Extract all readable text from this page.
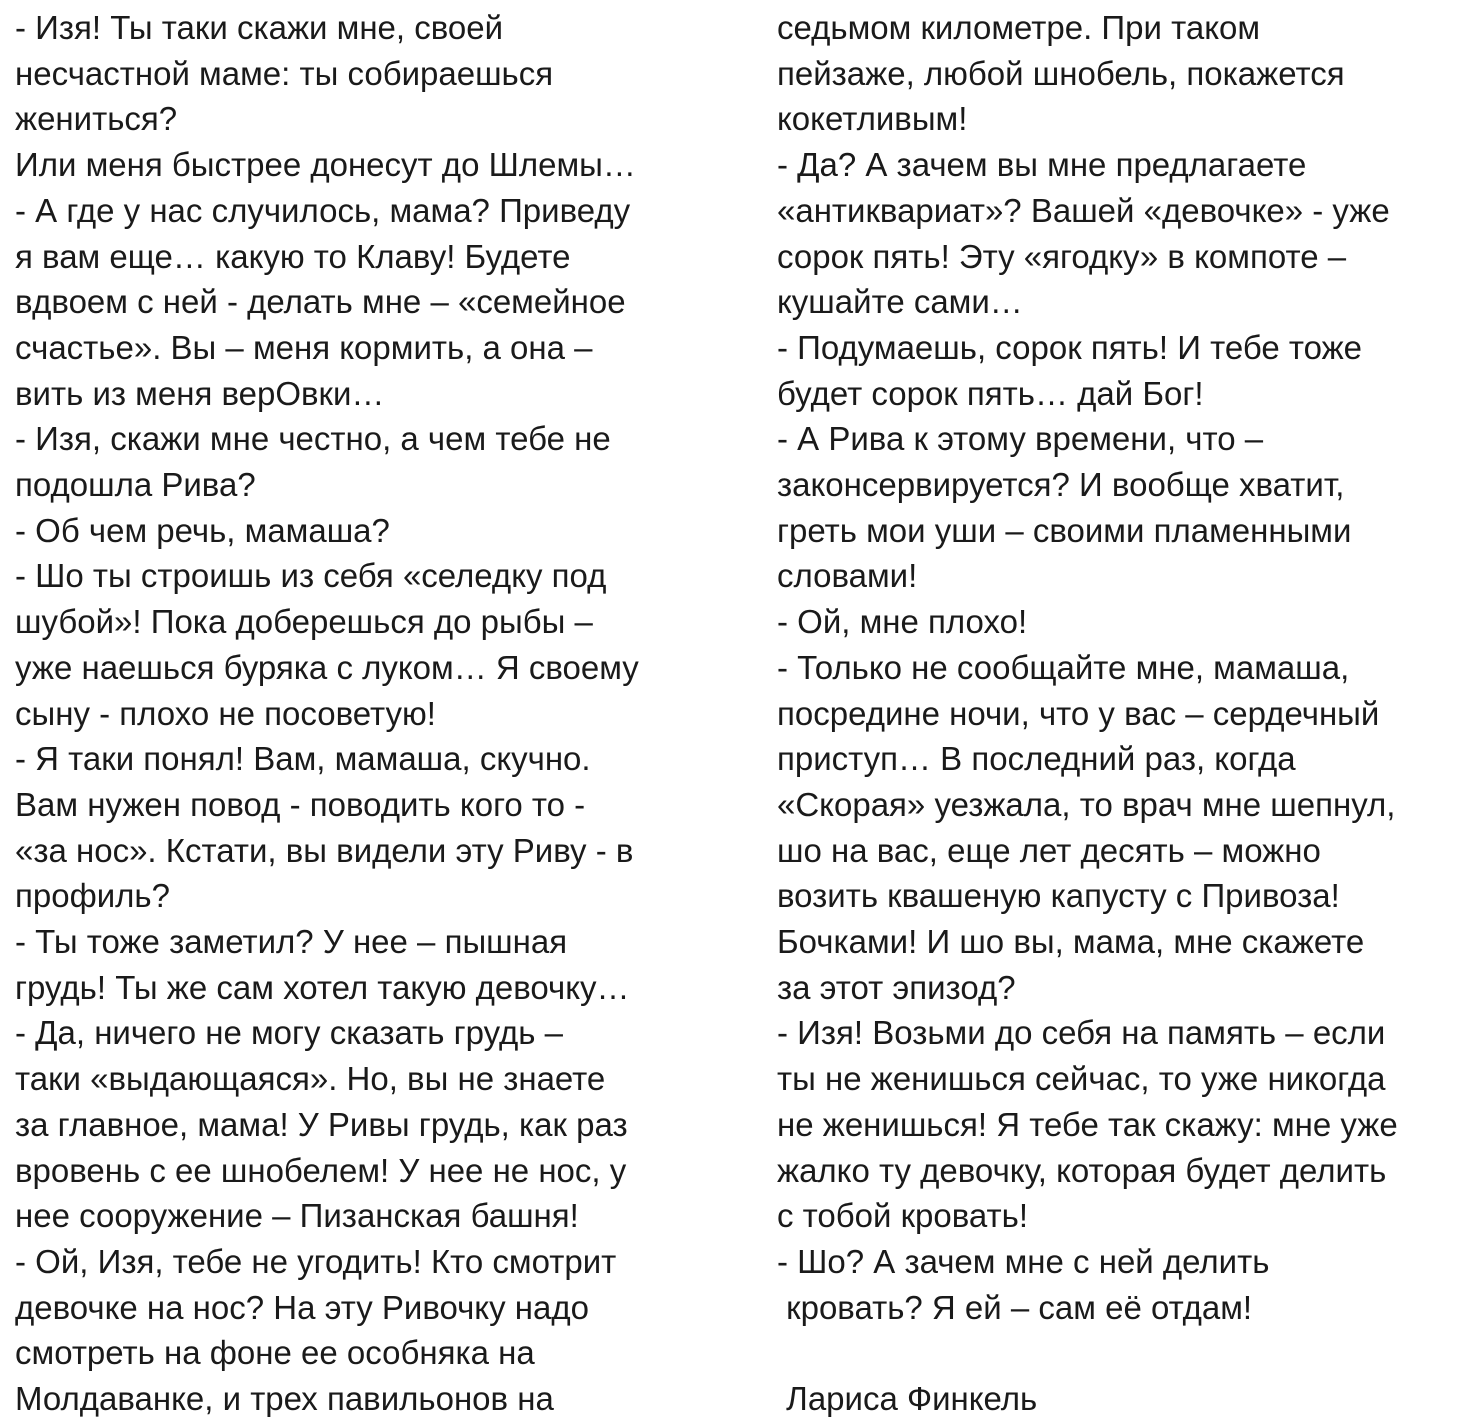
- Изя! Ты таки скажи мне, своей
несчастной маме: ты собираешься
жениться?
Или меня быстрее донесут до Шлемы…
- А где у нас случилось, мама? Приведу
я вам еще… какую то Клаву! Будете
вдвоем с ней - делать мне – «семейное
счастье». Вы – меня кормить, а она –
вить из меня верОвки…
- Изя, скажи мне честно, а чем тебе не
подошла Рива?
- Об чем речь, мамаша?
- Шо ты строишь из себя «селедку под
шубой»! Пока доберешься до рыбы –
уже наешься буряка с луком… Я своему
сыну - плохо не посоветую!
- Я таки понял! Вам, мамаша, скучно.
Вам нужен повод - поводить кого то -
«за нос». Кстати, вы видели эту Риву - в
профиль?
- Ты тоже заметил? У нее – пышная
грудь! Ты же сам хотел такую девочку…
- Да, ничего не могу сказать грудь –
таки «выдающаяся». Но, вы не знаете
за главное, мама! У Ривы грудь, как раз
вровень с ее шнобелем! У нее не нос, у
нее сооружение – Пизанская башня!
- Ой, Изя, тебе не угодить! Кто смотрит
девочке на нос? На эту Ривочку надо
смотреть на фоне ее особняка на
Молдаванке, и трех павильонов на
седьмом километре. При таком
пейзаже, любой шнобель, покажется
кокетливым!
- Да? А зачем вы мне предлагаете
«антиквариат»? Вашей «девочке» - уже
сорок пять! Эту «ягодку» в компоте –
кушайте сами…
- Подумаешь, сорок пять! И тебе тоже
будет сорок пять… дай Бог!
- А Рива к этому времени, что –
законсервируется? И вообще хватит,
греть мои уши – своими пламенными
словами!
- Ой, мне плохо!
- Только не сообщайте мне, мамаша,
посредине ночи, что у вас – сердечный
приступ… В последний раз, когда
«Скорая» уезжала, то врач мне шепнул,
шо на вас, еще лет десять – можно
возить квашеную капусту с Привоза!
Бочками! И шо вы, мама, мне скажете
за этот эпизод?
- Изя! Возьми до себя на память – если
ты не женишься сейчас, то уже никогда
не женишься! Я тебе так скажу: мне уже
жалко ту девочку, которая будет делить
с тобой кровать!
- Шо? А зачем мне с ней делить
кровать? Я ей – сам её отдам!
Лариса Финкель
